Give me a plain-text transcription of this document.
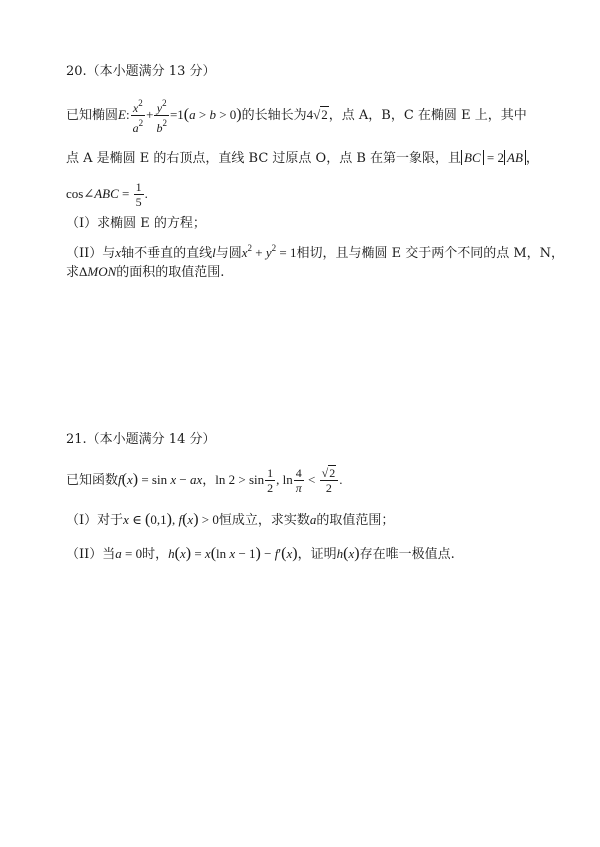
20.（本小题满分 13 分）
已知椭圆E: $\frac{x^2}{a^2} + \frac{y^2}{b^2} =1(a > b > 0)$的长轴长为4√2，点 A，B，C 在椭圆 E 上，其中
点 A 是椭圆 E 的右顶点，直线 BC 过原点 O，点 B 在第一象限，且 BC = 2 AB ，
cos∠ABC = $\frac{1}{5}$ .
（I）求椭圆 E 的方程；
（II）与x轴不垂直的直线l与圆$x^2 + y^2 = 1$相切，且与椭圆 E 交于两个不同的点 M，N，
求ΔMON的面积的取值范围.
21.（本小题满分 14 分）
已知函数f(x) = sin x − ax，$\ln 2 > \sin \frac{1}{2}$ , $\ln \frac{4}{\pi} < \frac{√2}{2}$ .
（I）对于x ∈ (0,1), f(x) > 0恒成立，求实数a的取值范围；
（II）当a = 0时，h(x) = x(ln x − 1) − f′(x)，证明h(x)存在唯一极值点.
